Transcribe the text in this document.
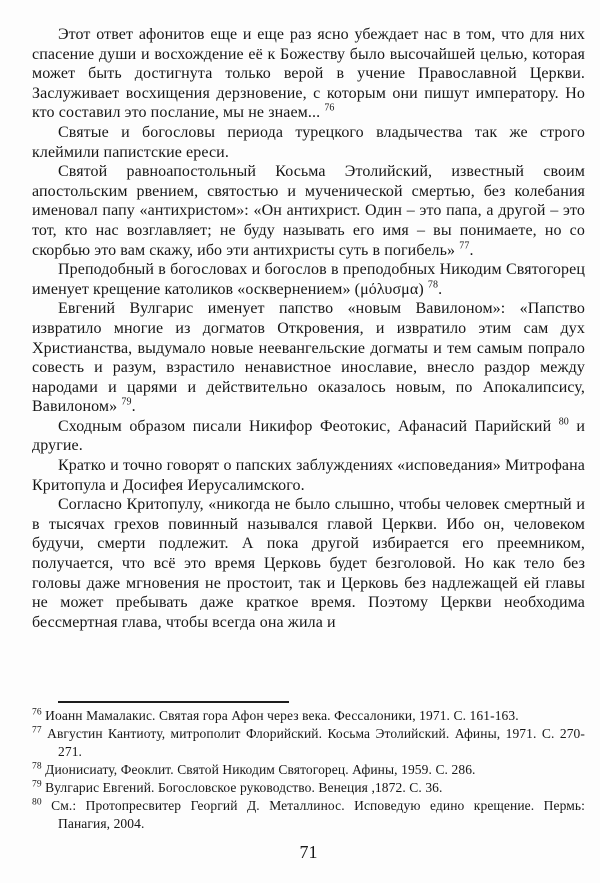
Этот ответ афонитов еще и еще раз ясно убеждает нас в том, что для них спасение души и восхождение её к Божеству было высочайшей целью, которая может быть достигнута только верой в учение Православной Церкви. Заслуживает восхищения дерзновение, с которым они пишут императору. Но кто составил это послание, мы не знаем... $^{76}$

Святые и богословы периода турецкого владычества так же строго клеймили папистские ереси.

Святой равноапостольный Косьма Этолийский, известный своим апостольским рвением, святостью и мученической смертью, без колебания именовал папу «антихристом»: «Он антихрист. Один – это папа, а другой – это тот, кто нас возглавляет; не буду называть его имя – вы понимаете, но со скорбью это вам скажу, ибо эти антихристы суть в погибель» $^{77}$.

Преподобный в богословах и богослов в преподобных Никодим Святогорец именует крещение католиков «осквернением» (μόλυσμα) $^{78}$.

Евгений Вулгарис именует папство «новым Вавилоном»: «Папство извратило многие из догматов Откровения, и извратило этим сам дух Христианства, выдумало новые неевангельские догматы и тем самым попрало совесть и разум, взрастило ненавистное инославие, внесло раздор между народами и царями и действительно оказалось новым, по Апокалипсису, Вавилоном» $^{79}$.

Сходным образом писали Никифор Феотокис, Афанасий Парийский $^{80}$ и другие.

Кратко и точно говорят о папских заблуждениях «исповедания» Митрофана Критопула и Досифея Иерусалимского.

Согласно Критопулу, «никогда не было слышно, чтобы человек смертный и в тысячах грехов повинный назывался главой Церкви. Ибо он, человеком будучи, смерти подлежит. А пока другой избирается его преемником, получается, что всё это время Церковь будет безголовой. Но как тело без головы даже мгновения не простоит, так и Церковь без надлежащей ей главы не может пребывать даже краткое время. Поэтому Церкви необходима бессмертная глава, чтобы всегда она жила и

$^{76}$ Иоанн Мамалакис. Святая гора Афон через века. Фессалоники, 1971. С. 161-163.
$^{77}$ Августин Кантиоту, митрополит Флорийский. Косьма Этолийский. Афины, 1971. С. 270-271.
$^{78}$ Дионисиату, Феоклит. Святой Никодим Святогорец. Афины, 1959. С. 286.
$^{79}$ Вулгарис Евгений. Богословское руководство. Венеция ,1872. С. 36.
$^{80}$ См.: Протопресвитер Георгий Д. Металлинос. Исповедую едино крещение. Пермь: Панагия, 2004.
71
